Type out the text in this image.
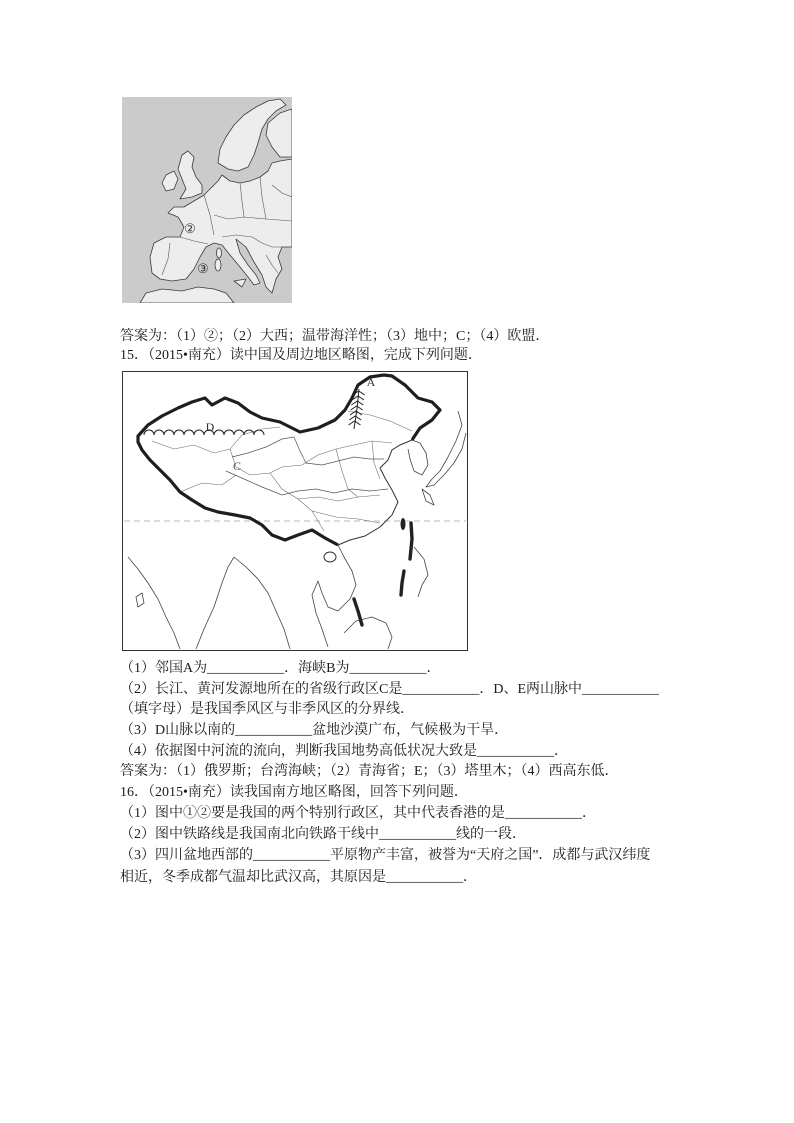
②
③
答案为：（1）②；（2）大西；温带海洋性；（3）地中；C；（4）欧盟．
15．（2015•南充）读中国及周边地区略图，完成下列问题．
A
D
C
（1）邻国A为___________．海峡B为___________．
（2）长江、黄河发源地所在的省级行政区C是___________．D、E两山脉中___________
（填字母）是我国季风区与非季风区的分界线．
（3）D山脉以南的___________盆地沙漠广布，气候极为干旱．
（4）依据图中河流的流向，判断我国地势高低状况大致是___________．
答案为：（1）俄罗斯；台湾海峡；（2）青海省；E；（3）塔里木；（4）西高东低．
16．（2015•南充）读我国南方地区略图，回答下列问题．
（1）图中①②要是我国的两个特别行政区，其中代表香港的是___________．
（2）图中铁路线是我国南北向铁路干线中___________线的一段．
（3）四川盆地西部的___________平原物产丰富，被誉为“天府之国”．成都与武汉纬度
相近，冬季成都气温却比武汉高，其原因是___________．
